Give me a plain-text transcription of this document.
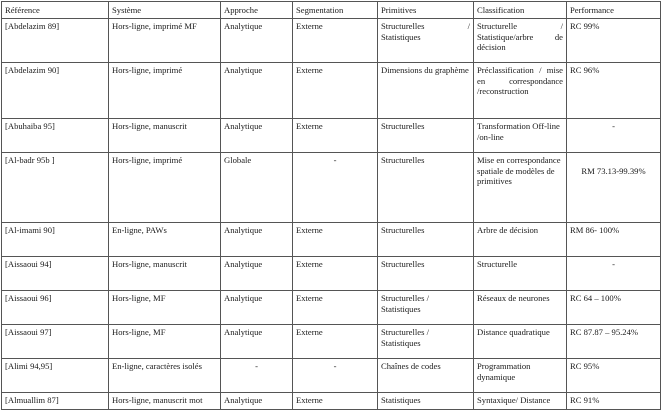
Référence	Système	Approche	Segmentation	Primitives	Classification	Performance
[Abdelazim 89]	Hors-ligne, imprimé MF	Analytique	Externe	Structurelles / Statistiques	Structurelle / Statistique/arbre de décision	RC 99%
[Abdelazim 90]	Hors-ligne, imprimé	Analytique	Externe	Dimensions du graphème	Préclassification / mise en correspondance /reconstruction	RC 96%
[Abuhaiba 95]	Hors-ligne, manuscrit	Analytique	Externe	Structurelles	Transformation Off-line /on-line	-
[Al-badr 95b ]	Hors-ligne, imprimé	Globale	-	Structurelles	Mise en correspondance spatiale de modèles de primitives	RM 73.13-99.39%
[Al-imami 90]	En-ligne, PAWs	Analytique	Externe	Structurelles	Arbre de décision	RM 86- 100%
[Aissaoui 94]	Hors-ligne, manuscrit	Analytique	Externe	Structurelles	Structurelle	-
[Aissaoui 96]	Hors-ligne, MF	Analytique	Externe	Structurelles / Statistiques	Réseaux de neurones	RC 64 – 100%
[Aissaoui 97]	Hors-ligne, MF	Analytique	Externe	Structurelles / Statistiques	Distance quadratique	RC 87.87 – 95.24%
[Alimi 94,95]	En-ligne, caractères isolés	-	-	Chaînes de codes	Programmation dynamique	RC 95%
[Almuallim 87]	Hors-ligne, manuscrit mot	Analytique	Externe	Statistiques	Syntaxique/ Distance	RC 91%
